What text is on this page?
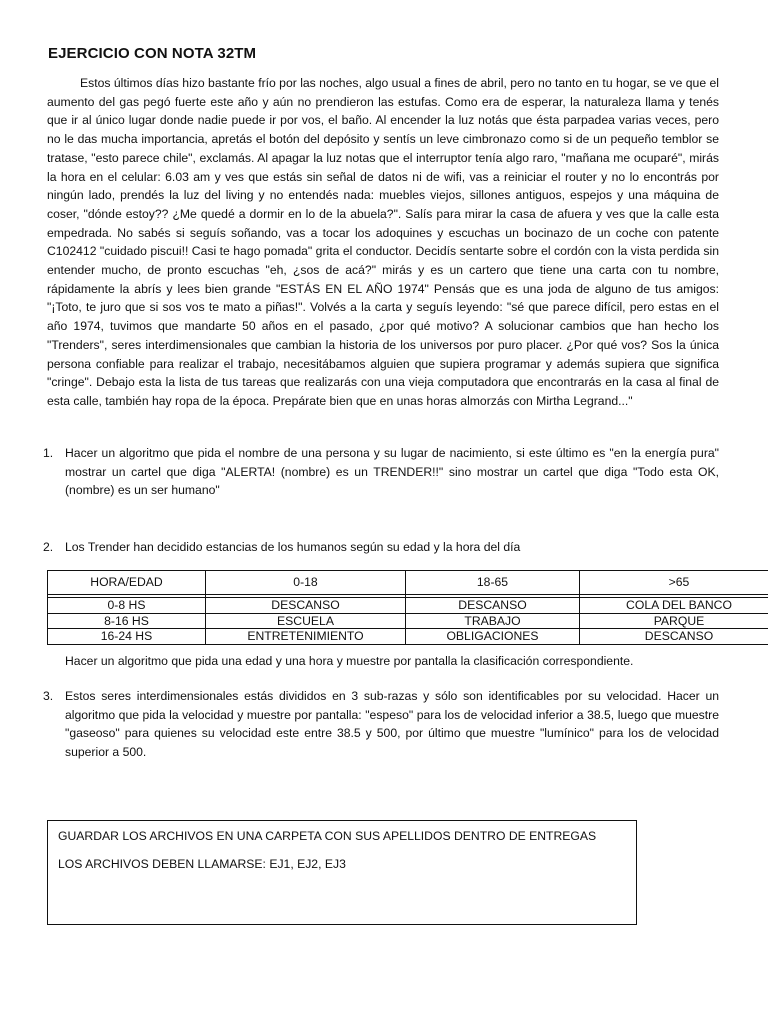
EJERCICIO CON NOTA 32TM

Estos últimos días hizo bastante frío por las noches, algo usual a fines de abril, pero no tanto en tu hogar, se ve que el aumento del gas pegó fuerte este año y aún no prendieron las estufas. Como era de esperar, la naturaleza llama y tenés que ir al único lugar donde nadie puede ir por vos, el baño. Al encender la luz notás que ésta parpadea varias veces, pero no le das mucha importancia, apretás el botón del depósito y sentís un leve cimbronazo como si de un pequeño temblor se tratase, "esto parece chile", exclamás. Al apagar la luz notas que el interruptor tenía algo raro, "mañana me ocuparé", mirás la hora en el celular: 6.03 am y ves que estás sin señal de datos ni de wifi, vas a reiniciar el router y no lo encontrás por ningún lado, prendés la luz del living y no entendés nada: muebles viejos, sillones antiguos, espejos y una máquina de coser, "dónde estoy?? ¿Me quedé a dormir en lo de la abuela?". Salís para mirar la casa de afuera y ves que la calle esta empedrada. No sabés si seguís soñando, vas a tocar los adoquines y escuchas un bocinazo de un coche con patente C102412 "cuidado piscui!! Casi te hago pomada" grita el conductor. Decidís sentarte sobre el cordón con la vista perdida sin entender mucho, de pronto escuchas "eh, ¿sos de acá?" mirás y es un cartero que tiene una carta con tu nombre, rápidamente la abrís y lees bien grande "ESTÁS EN EL AÑO 1974" Pensás que es una joda de alguno de tus amigos: "¡Toto, te juro que si sos vos te mato a piñas!". Volvés a la carta y seguís leyendo: "sé que parece difícil, pero estas en el año 1974, tuvimos que mandarte 50 años en el pasado, ¿por qué motivo? A solucionar cambios que han hecho los "Trenders", seres interdimensionales que cambian la historia de los universos por puro placer. ¿Por qué vos? Sos la única persona confiable para realizar el trabajo, necesitábamos alguien que supiera programar y además supiera que significa "cringe". Debajo esta la lista de tus tareas que realizarás con una vieja computadora que encontrarás en la casa al final de esta calle, también hay ropa de la época. Prepárate bien que en unas horas almorzás con Mirtha Legrand..."

1. Hacer un algoritmo que pida el nombre de una persona y su lugar de nacimiento, si este último es "en la energía pura" mostrar un cartel que diga "ALERTA! (nombre) es un TRENDER!!" sino mostrar un cartel que diga "Todo esta OK, (nombre) es un ser humano"
2. Los Trender han decidido estancias de los humanos según su edad y la hora del día
HORA/EDAD	0-18	18-65	>65

0-8 HS	DESCANSO	DESCANSO	COLA DEL BANCO
8-16 HS	ESCUELA	TRABAJO	PARQUE
16-24 HS	ENTRETENIMIENTO	OBLIGACIONES	DESCANSO
Hacer un algoritmo que pida una edad y una hora y muestre por pantalla la clasificación correspondiente.
3. Estos seres interdimensionales estás divididos en 3 sub-razas y sólo son identificables por su velocidad. Hacer un algoritmo que pida la velocidad y muestre por pantalla: "espeso" para los de velocidad inferior a 38.5, luego que muestre "gaseoso" para quienes su velocidad este entre 38.5 y 500, por último que muestre "lumínico" para los de velocidad superior a 500.

GUARDAR LOS ARCHIVOS EN UNA CARPETA CON SUS APELLIDOS DENTRO DE ENTREGAS

LOS ARCHIVOS DEBEN LLAMARSE: EJ1, EJ2, EJ3
